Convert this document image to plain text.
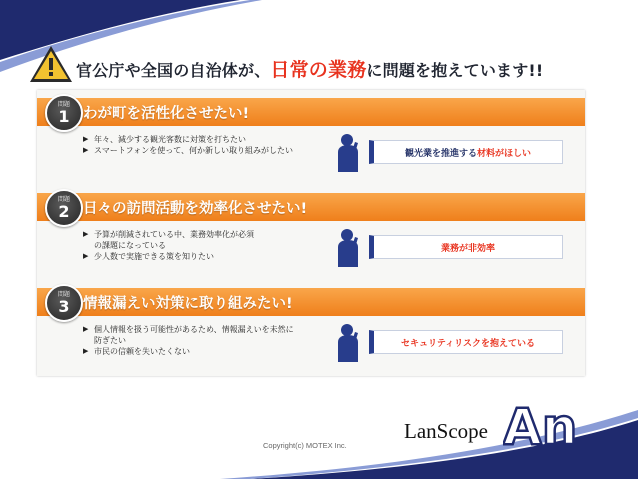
官公庁や全国の自治体が、日常の業務に問題を抱えています!!
問題
1 わが町を活性化させたい!
▶ 年々、減少する観光客数に対策を打ちたい
▶ スマートフォンを使って、何か新しい取り組みがしたい	観光業を推進する材料がほしい
問題
2 日々の訪問活動を効率化させたい!
▶ 予算が削減されている中、業務効率化が必須
の課題になっている
▶ 少人数で実施できる策を知りたい
業務が非効率
問題
3 情報漏えい対策に取り組みたい!
▶ 個人情報を扱う可能性があるため、情報漏えいを未然に
防ぎたい
▶ 市民の信頼を失いたくない
セキュリティリスクを抱えている
Copyright(c) MOTEX Inc.
LanScope An
